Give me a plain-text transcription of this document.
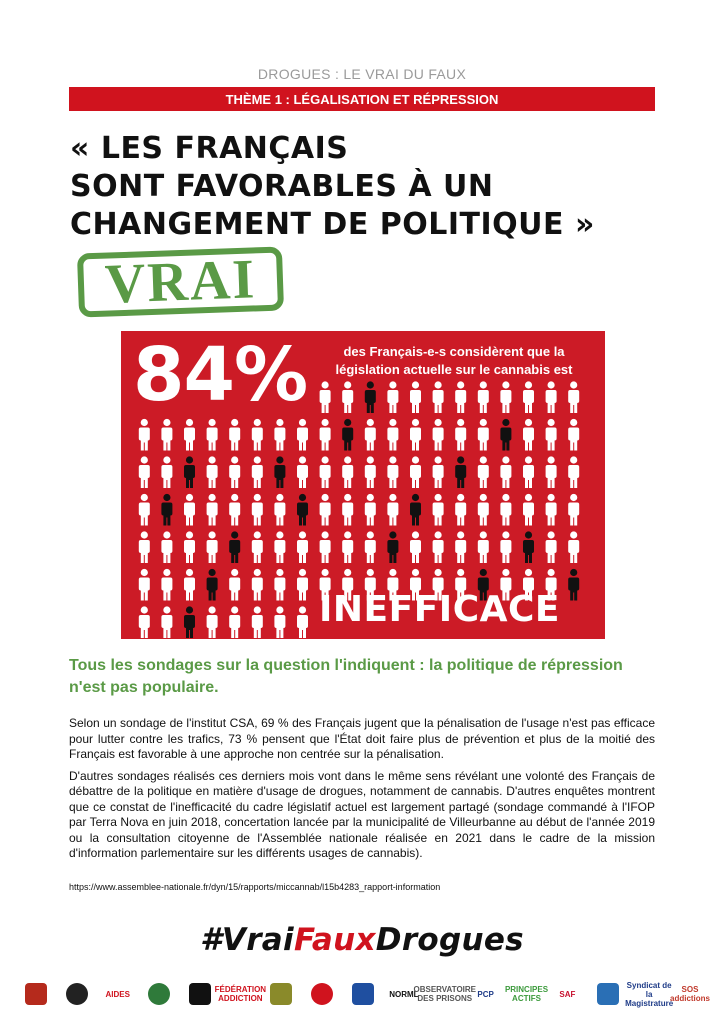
DROGUES : LE VRAI DU FAUX
THÈME 1 : LÉGALISATION ET RÉPRESSION
« LES FRANÇAIS
SONT FAVORABLES À UN
CHANGEMENT DE POLITIQUE »
VRAI
84%	des Français-e-s considèrent que la législation actuelle sur le cannabis est
INEFFICACE
Tous les sondages sur la question l'indiquent : la politique de répression n'est pas populaire.

Selon un sondage de l'institut CSA, 69 % des Français jugent que la pénalisation de l'usage n'est pas efficace pour lutter contre les trafics, 73 % pensent que l'État doit faire plus de prévention et plus de la moitié des Français est favorable à une approche non centrée sur la pénalisation.

D'autres sondages réalisés ces derniers mois vont dans le même sens révélant une volonté des Français de débattre de la politique en matière d'usage de drogues, notamment de cannabis. D'autres enquêtes montrent que ce constat de l'inefficacité du cadre législatif actuel est largement partagé (sondage commandé à l'IFOP par Terra Nova en juin 2018, concertation lancée par la municipalité de Villeurbanne au début de l'année 2019 ou la consultation citoyenne de l'Assemblée nationale réalisée en 2021 dans le cadre de la mission d'information parlementaire sur les différents usages de cannabis).

https://www.assemblee-nationale.fr/dyn/15/rapports/miccannab/l15b4283_rapport-information
#VraiFauxDrogues
AIDES	FÉDÉRATION ADDICTION	NORML
OBSERVATOIRE DES PRISONS PCP	PRINCIPES ACTIFS	SAF
Syndicat de la Magistrature
SOS addictions
